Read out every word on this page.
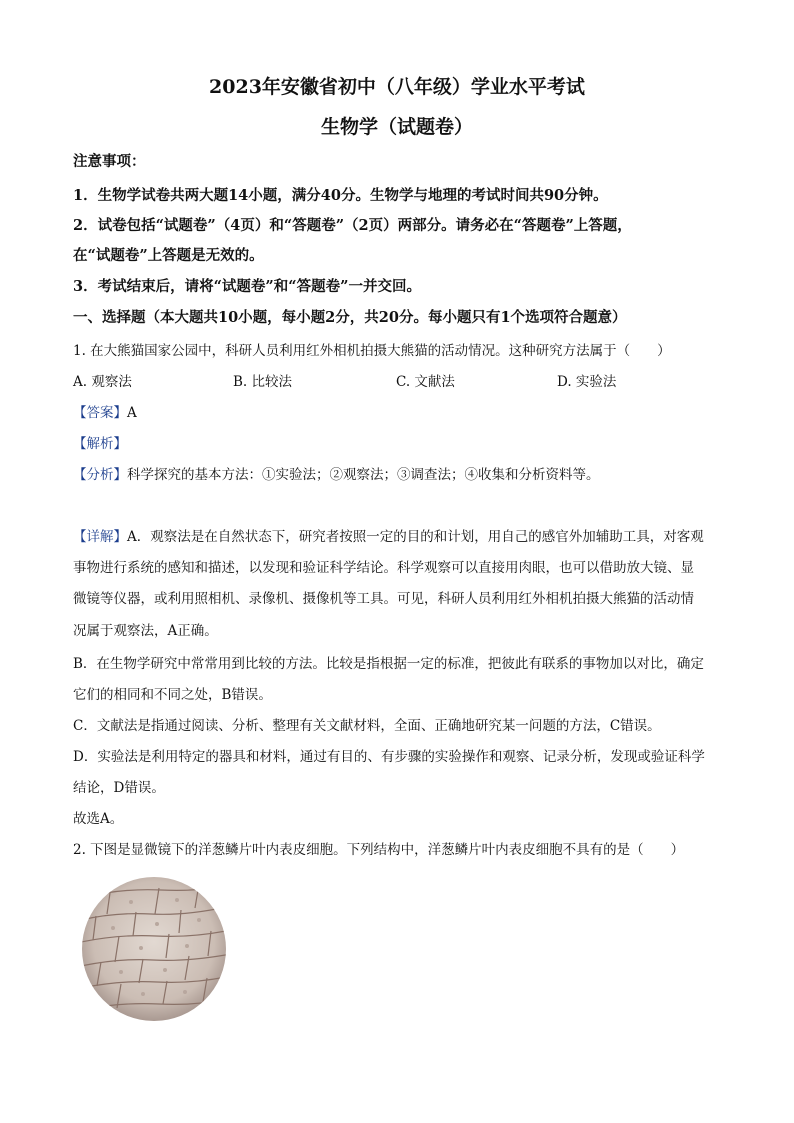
2023年安徽省初中（八年级）学业水平考试
生物学（试题卷）
注意事项：
1．生物学试卷共两大题14小题，满分40分。生物学与地理的考试时间共90分钟。
2．试卷包括“试题卷”（4页）和“答题卷”（2页）两部分。请务必在“答题卷”上答题，
在“试题卷”上答题是无效的。
3．考试结束后，请将“试题卷”和“答题卷”一并交回。
一、选择题（本大题共10小题，每小题2分，共20分。每小题只有1个选项符合题意）
1. 在大熊猫国家公园中，科研人员利用红外相机拍摄大熊猫的活动情况。这种研究方法属于（　　）
A. 观察法	B. 比较法	C. 文献法	D. 实验法
【答案】A
【解析】
【分析】科学探究的基本方法：①实验法；②观察法；③调查法；④收集和分析资料等。
【详解】A．观察法是在自然状态下，研究者按照一定的目的和计划，用自己的感官外加辅助工具，对客观
事物进行系统的感知和描述，以发现和验证科学结论。科学观察可以直接用肉眼，也可以借助放大镜、显
微镜等仪器，或利用照相机、录像机、摄像机等工具。可见，科研人员利用红外相机拍摄大熊猫的活动情
况属于观察法，A正确。
B．在生物学研究中常常用到比较的方法。比较是指根据一定的标准，把彼此有联系的事物加以对比，确定
它们的相同和不同之处，B错误。
C．文献法是指通过阅读、分析、整理有关文献材料，全面、正确地研究某一问题的方法，C错误。
D．实验法是利用特定的器具和材料，通过有目的、有步骤的实验操作和观察、记录分析，发现或验证科学
结论，D错误。
故选A。
2. 下图是显微镜下的洋葱鳞片叶内表皮细胞。下列结构中，洋葱鳞片叶内表皮细胞不具有的是（　　）
